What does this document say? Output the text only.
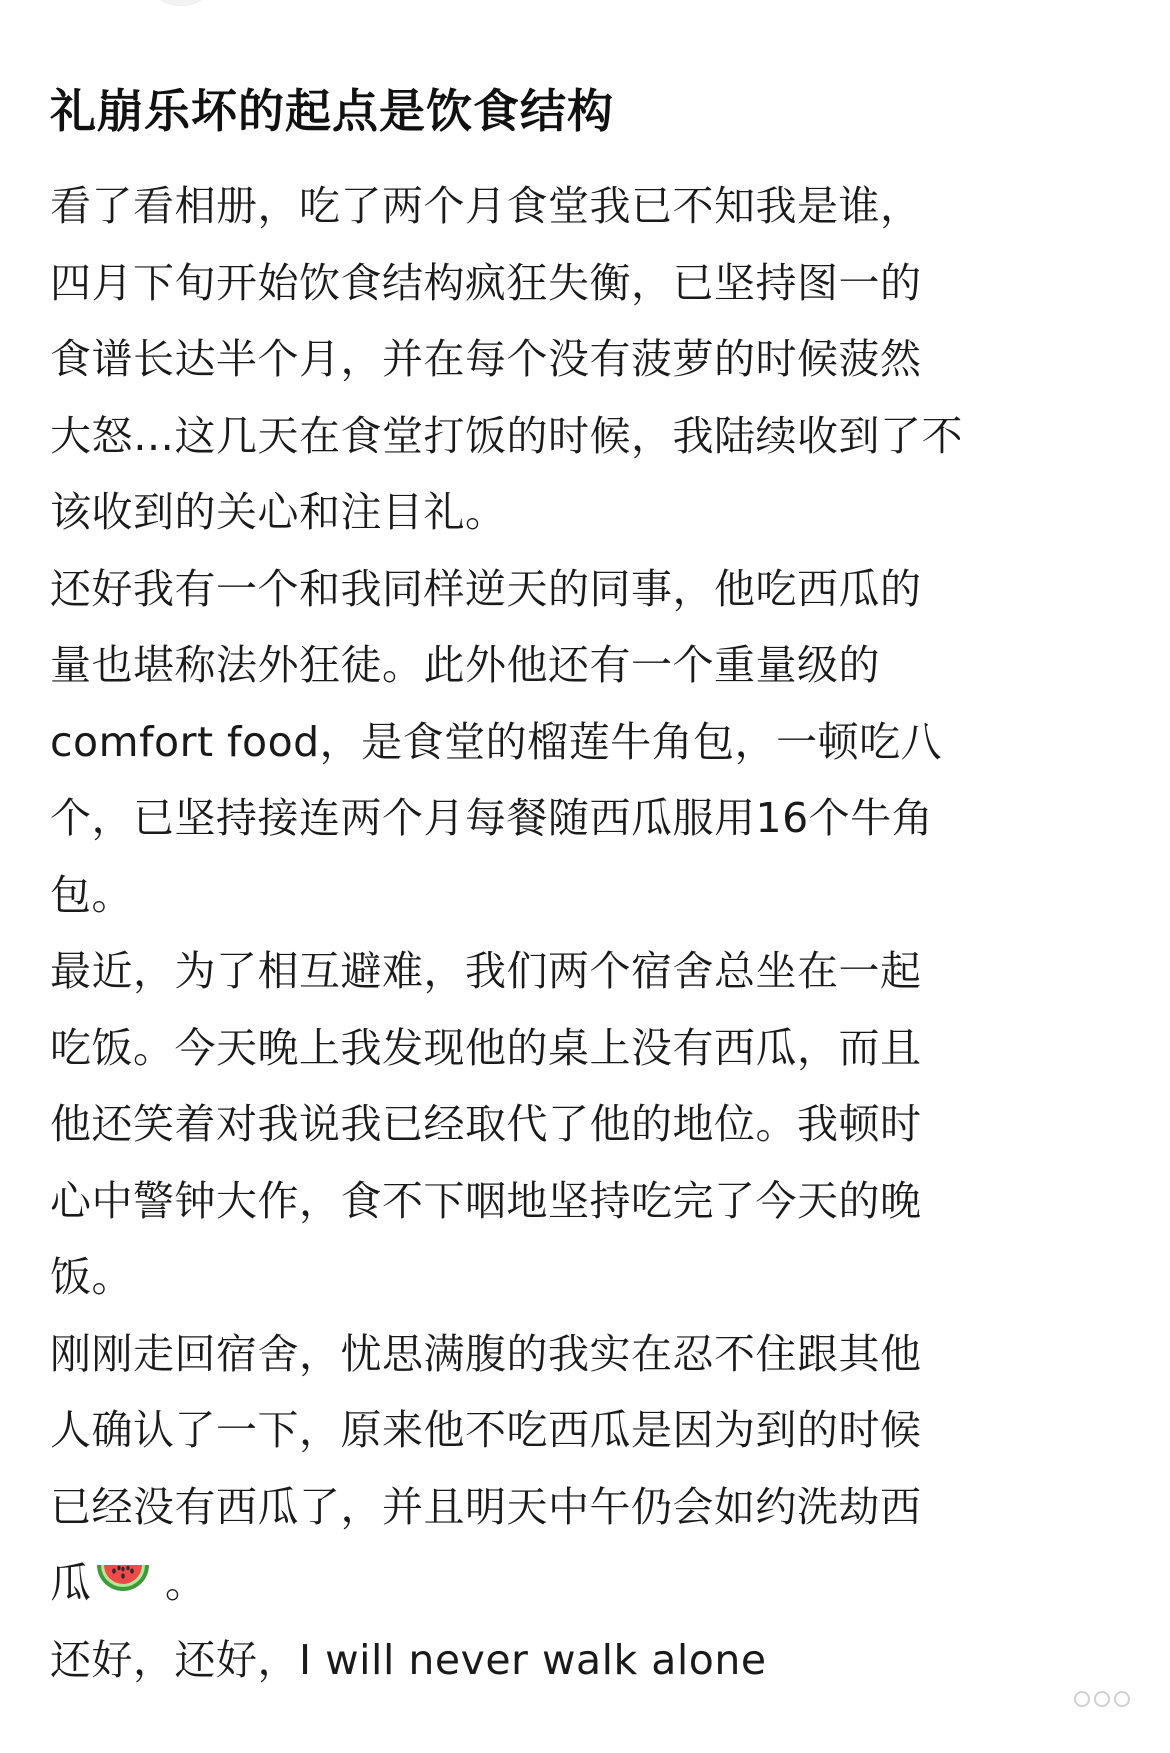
礼崩乐坏的起点是饮食结构
看了看相册，吃了两个月食堂我已不知我是谁，
四月下旬开始饮食结构疯狂失衡，已坚持图一的
食谱长达半个月，并在每个没有菠萝的时候菠然
大怒…这几天在食堂打饭的时候，我陆续收到了不
该收到的关心和注目礼。
还好我有一个和我同样逆天的同事，他吃西瓜的
量也堪称法外狂徒。此外他还有一个重量级的
comfort food，是食堂的榴莲牛角包，一顿吃八
个，已坚持接连两个月每餐随西瓜服用16个牛角
包。
最近，为了相互避难，我们两个宿舍总坐在一起
吃饭。今天晚上我发现他的桌上没有西瓜，而且
他还笑着对我说我已经取代了他的地位。我顿时
心中警钟大作，食不下咽地坚持吃完了今天的晚
饭。
刚刚走回宿舍，忧思满腹的我实在忍不住跟其他
人确认了一下，原来他不吃西瓜是因为到的时候
已经没有西瓜了，并且明天中午仍会如约洗劫西
瓜
。
还好，还好，I will never walk alone
